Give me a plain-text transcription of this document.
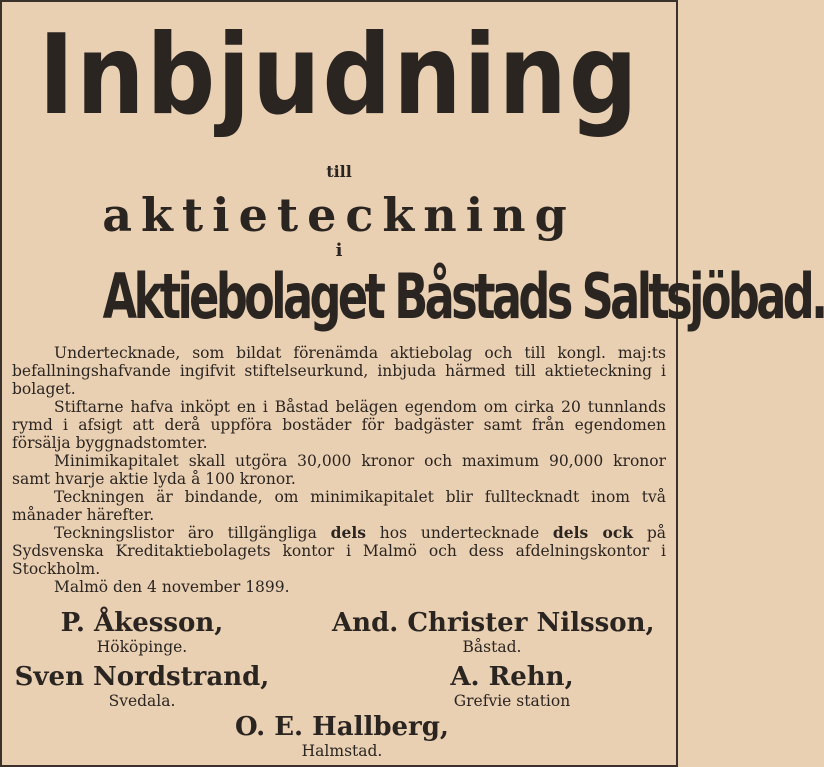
Inbjudning
till
aktieteckning
i
Aktiebolaget Båstads Saltsjöbad.

Undertecknade, som bildat förenämda aktiebolag och till kongl. maj:ts befallningshafvande ingifvit stiftelseurkund, inbjuda härmed till aktieteckning i bolaget.

Stiftarne hafva inköpt en i Båstad belägen egendom om cirka 20 tunnlands rymd i afsigt att derå uppföra bostäder för badgäster samt från egendomen försälja byggnadstomter.

Minimikapitalet skall utgöra 30,000 kronor och maximum 90,000 kronor samt hvarje aktie lyda å 100 kronor.

Teckningen är bindande, om minimikapitalet blir fulltecknadt inom två månader härefter.

Teckningslistor äro tillgängliga dels hos undertecknade dels ock på Sydsvenska Kreditaktiebolagets kontor i Malmö och dess afdelningskontor i Stockholm.

Malmö den 4 november 1899.

P. Åkesson,
Hököpinge.
And. Christer Nilsson,
Båstad.
Sven Nordstrand,
Svedala.
A. Rehn,
Grefvie station
O. E. Hallberg,
Halmstad.
